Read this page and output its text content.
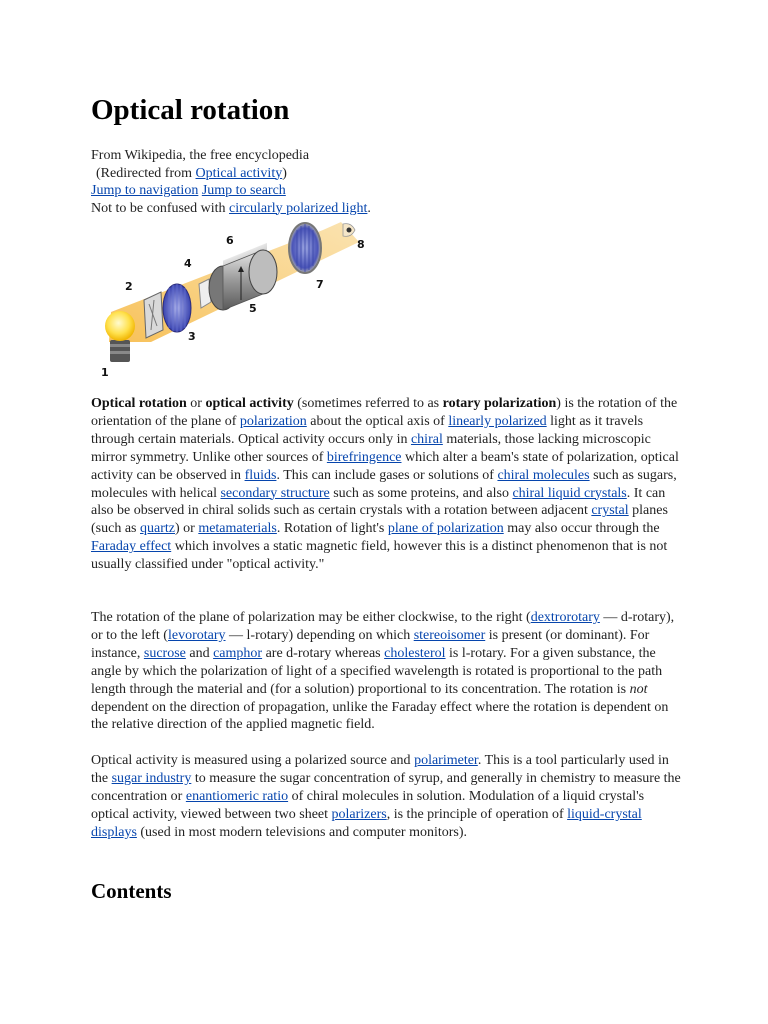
Optical rotation
From Wikipedia, the free encyclopedia
(Redirected from Optical activity)
Jump to navigation Jump to search
Not to be confused with circularly polarized light.
1
2
3
4
5
6
7
8

Optical rotation or optical activity (sometimes referred to as rotary polarization) is the rotation of the orientation of the plane of polarization about the optical axis of linearly polarized light as it travels through certain materials. Optical activity occurs only in chiral materials, those lacking microscopic mirror symmetry. Unlike other sources of birefringence which alter a beam's state of polarization, optical activity can be observed in fluids. This can include gases or solutions of chiral molecules such as sugars, molecules with helical secondary structure such as some proteins, and also chiral liquid crystals. It can also be observed in chiral solids such as certain crystals with a rotation between adjacent crystal planes (such as quartz) or metamaterials. Rotation of light's plane of polarization may also occur through the Faraday effect which involves a static magnetic field, however this is a distinct phenomenon that is not usually classified under "optical activity."

The rotation of the plane of polarization may be either clockwise, to the right (dextrorotary — d-rotary), or to the left (levorotary — l-rotary) depending on which stereoisomer is present (or dominant). For instance, sucrose and camphor are d-rotary whereas cholesterol is l-rotary. For a given substance, the angle by which the polarization of light of a specified wavelength is rotated is proportional to the path length through the material and (for a solution) proportional to its concentration. The rotation is not dependent on the direction of propagation, unlike the Faraday effect where the rotation is dependent on the relative direction of the applied magnetic field.

Optical activity is measured using a polarized source and polarimeter. This is a tool particularly used in the sugar industry to measure the sugar concentration of syrup, and generally in chemistry to measure the concentration or enantiomeric ratio of chiral molecules in solution. Modulation of a liquid crystal's optical activity, viewed between two sheet polarizers, is the principle of operation of liquid-crystal displays (used in most modern televisions and computer monitors).

Contents
